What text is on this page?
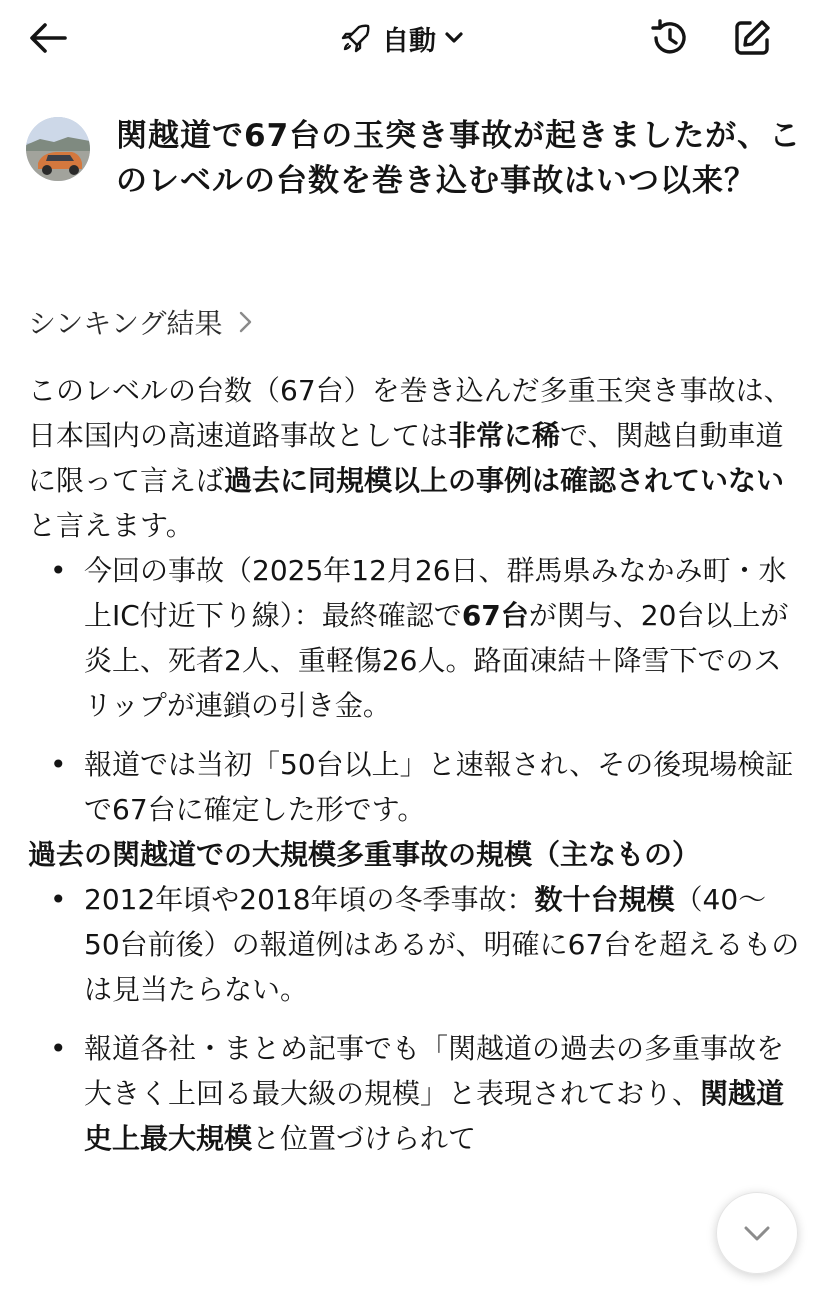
自動
関越道で67台の玉突き事故が起きましたが、このレベルの台数を巻き込む事故はいつ以来？
シンキング結果

このレベルの台数（67台）を巻き込んだ多重玉突き事故は、日本国内の高速道路事故としては非常に稀で、関越自動車道に限って言えば過去に同規模以上の事例は確認されていないと言えます。

• 今回の事故（2025年12月26日、群馬県みなかみ町・水上IC付近下り線）：最終確認で67台が関与、20台以上が炎上、死者2人、重軽傷26人。路面凍結＋降雪下でのスリップが連鎖の引き金。
• 報道では当初「50台以上」と速報され、その後現場検証で67台に確定した形です。

過去の関越道での大規模多重事故の規模（主なもの）

• 2012年頃や2018年頃の冬季事故：数十台規模（40〜50台前後）の報道例はあるが、明確に67台を超えるものは見当たらない。
• 報道各社・まとめ記事でも「関越道の過去の多重事故を大きく上回る最大級の規模」と表現されており、関越道史上最大規模と位置づけられて
